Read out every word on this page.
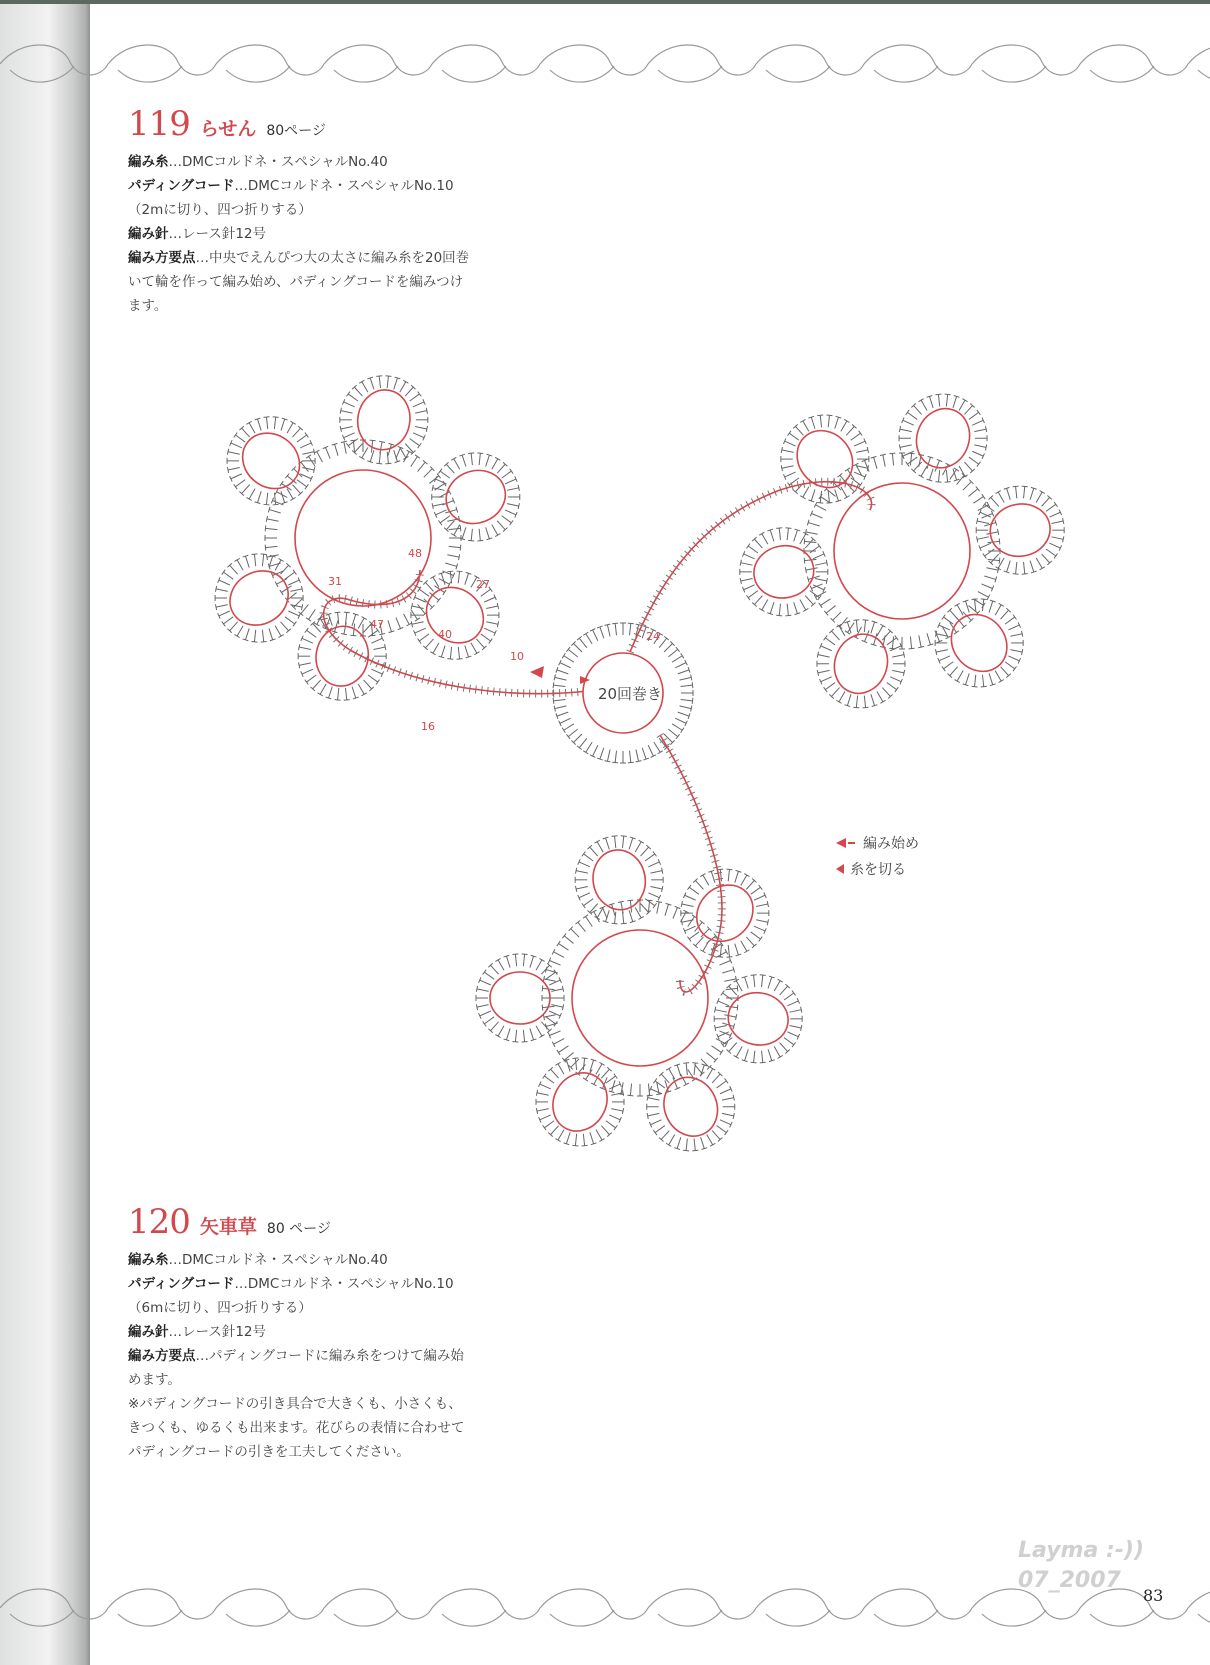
119 らせん 80ページ
編み糸…DMCコルドネ・スペシャルNo.40
パディングコード…DMCコルドネ・スペシャルNo.10
（2mに切り、四つ折りする）
編み針…レース針12号
編み方要点…中央でえんぴつ大の太さに編み糸を20回巻
いて輪を作って編み始め、パディングコードを編みつけ
ます。
48
31
47
27
40
10
16
24
20回巻き
編み始め
糸を切る
120 矢車草 80 ページ
編み糸…DMCコルドネ・スペシャルNo.40
パディングコード…DMCコルドネ・スペシャルNo.10
（6mに切り、四つ折りする）
編み針…レース針12号
編み方要点…パディングコードに編み糸をつけて編み始
めます。
※パディングコードの引き具合で大きくも、小さくも、
きつくも、ゆるくも出来ます。花びらの表情に合わせて
パディングコードの引きを工夫してください。
Layma :-))
07_2007
83
